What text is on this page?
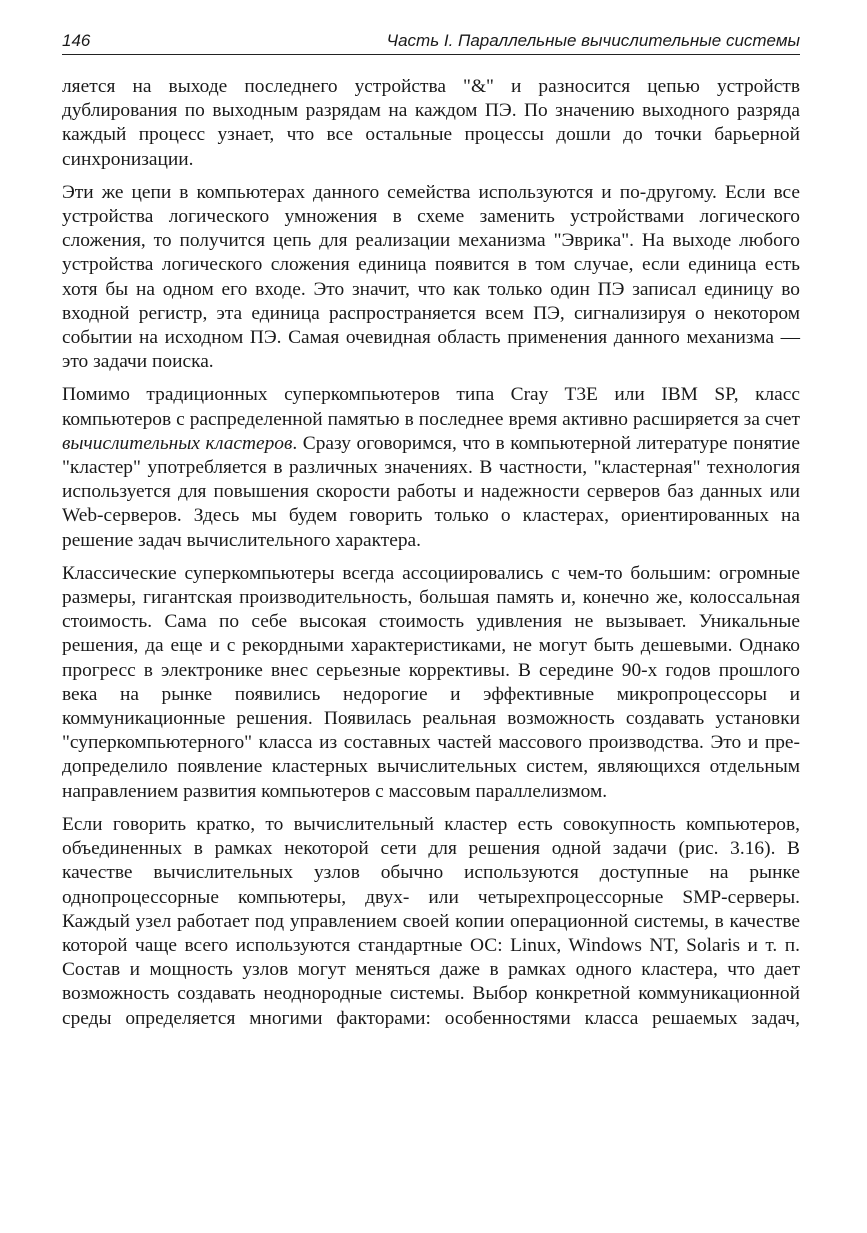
146	Часть I. Параллельные вычислительные системы

ляется на выходе последнего устройства "&" и разносится цепью устройств дублирования по выходным разрядам на каждом ПЭ. По значению выходного разряда каждый процесс узнает, что все остальные процессы дошли до точки барьерной синхронизации.

Эти же цепи в компьютерах данного семейства используются и по-другому. Если все устройства логического умножения в схеме заменить устройствами логического сложения, то получится цепь для реализации механизма "Эврика". На выходе любого устройства логического сложения единица появится в том случае, если единица есть хотя бы на одном его входе. Это значит, что как только один ПЭ записал единицу во входной регистр, эта единица распространяется всем ПЭ, сигнализируя о некотором событии на исходном ПЭ. Самая очевидная область применения данного механизма — это задачи поиска.

Помимо традиционных суперкомпьютеров типа Cray T3E или IBM SP, класс компьютеров с распределенной памятью в последнее время активно расширяется за счет вычислительных кластеров. Сразу оговоримся, что в компьютерной литературе понятие "кластер" употребляется в различных значениях. В частности, "кластерная" технология используется для повышения скорости работы и надежности серверов баз данных или Web-серверов. Здесь мы будем говорить только о кластерах, ориентированных на решение задач вычислительного характера.

Классические суперкомпьютеры всегда ассоциировались с чем-то большим: огромные размеры, гигантская производительность, большая память и, конечно же, колоссальная стоимость. Сама по себе высокая стоимость удивления не вызывает. Уникальные решения, да еще и с рекордными характеристиками, не могут быть дешевыми. Однако прогресс в электронике внес серьезные коррективы. В середине 90-х годов прошлого века на рынке появились недорогие и эффективные микропроцессоры и коммуникационные решения. Появилась реальная возможность создавать установки "суперкомпьютерного" класса из составных частей массового производства. Это и предопределило появление кластерных вычислительных систем, являющихся отдельным направлением развития компьютеров с массовым параллелизмом.

Если говорить кратко, то вычислительный кластер есть совокупность компьютеров, объединенных в рамках некоторой сети для решения одной задачи (рис. 3.16). В качестве вычислительных узлов обычно используются доступные на рынке однопроцессорные компьютеры, двух- или четырехпроцессорные SMP-серверы. Каждый узел работает под управлением своей копии операционной системы, в качестве которой чаще всего используются стандартные ОС: Linux, Windows NT, Solaris и т. п. Состав и мощность узлов могут меняться даже в рамках одного кластера, что дает возможность создавать неоднородные системы. Выбор конкретной коммуникационной среды определяется многими факторами: особенностями класса решаемых задач,
